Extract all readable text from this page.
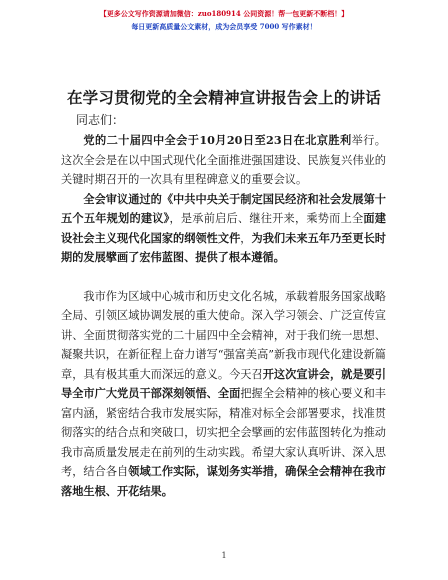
【更多公文写作资源请加微信：zuo180914 公同资源！帮一包更新不断档！】
每日更新高质量公文素材，成为会员享受 7000 写作素材！
在学习贯彻党的全会精神宣讲报告会上的讲话
同志们：

党的二十届四中全会于10月20日至23日在北京胜利举行。这次全会是在以中国式现代化全面推进强国建设、民族复兴伟业的关键时期召开的一次具有里程碑意义的重要会议。

全会审议通过的《中共中央关于制定国民经济和社会发展第十五个五年规划的建议》，是承前启后、继往开来，乘势而上全面建设社会主义现代化国家的纲领性文件，为我们未来五年乃至更长时期的发展擘画了宏伟蓝图、提供了根本遵循。

我市作为区域中心城市和历史文化名城，承载着服务国家战略全局、引领区域协调发展的重大使命。深入学习领会、广泛宣传宣讲、全面贯彻落实党的二十届四中全会精神，对于我们统一思想、凝聚共识，在新征程上奋力谱写“强富美高”新我市现代化建设新篇章，具有极其重大而深远的意义。今天召开这次宣讲会，就是要引导全市广大党员干部深刻领悟、全面把握全会精神的核心要义和丰富内涵，紧密结合我市发展实际，精准对标全会部署要求，找准贯彻落实的结合点和突破口，切实把全会擘画的宏伟蓝图转化为推动我市高质量发展走在前列的生动实践。希望大家认真听讲、深入思考，结合各自领域工作实际，谋划务实举措，确保全会精神在我市落地生根、开花结果。

1
